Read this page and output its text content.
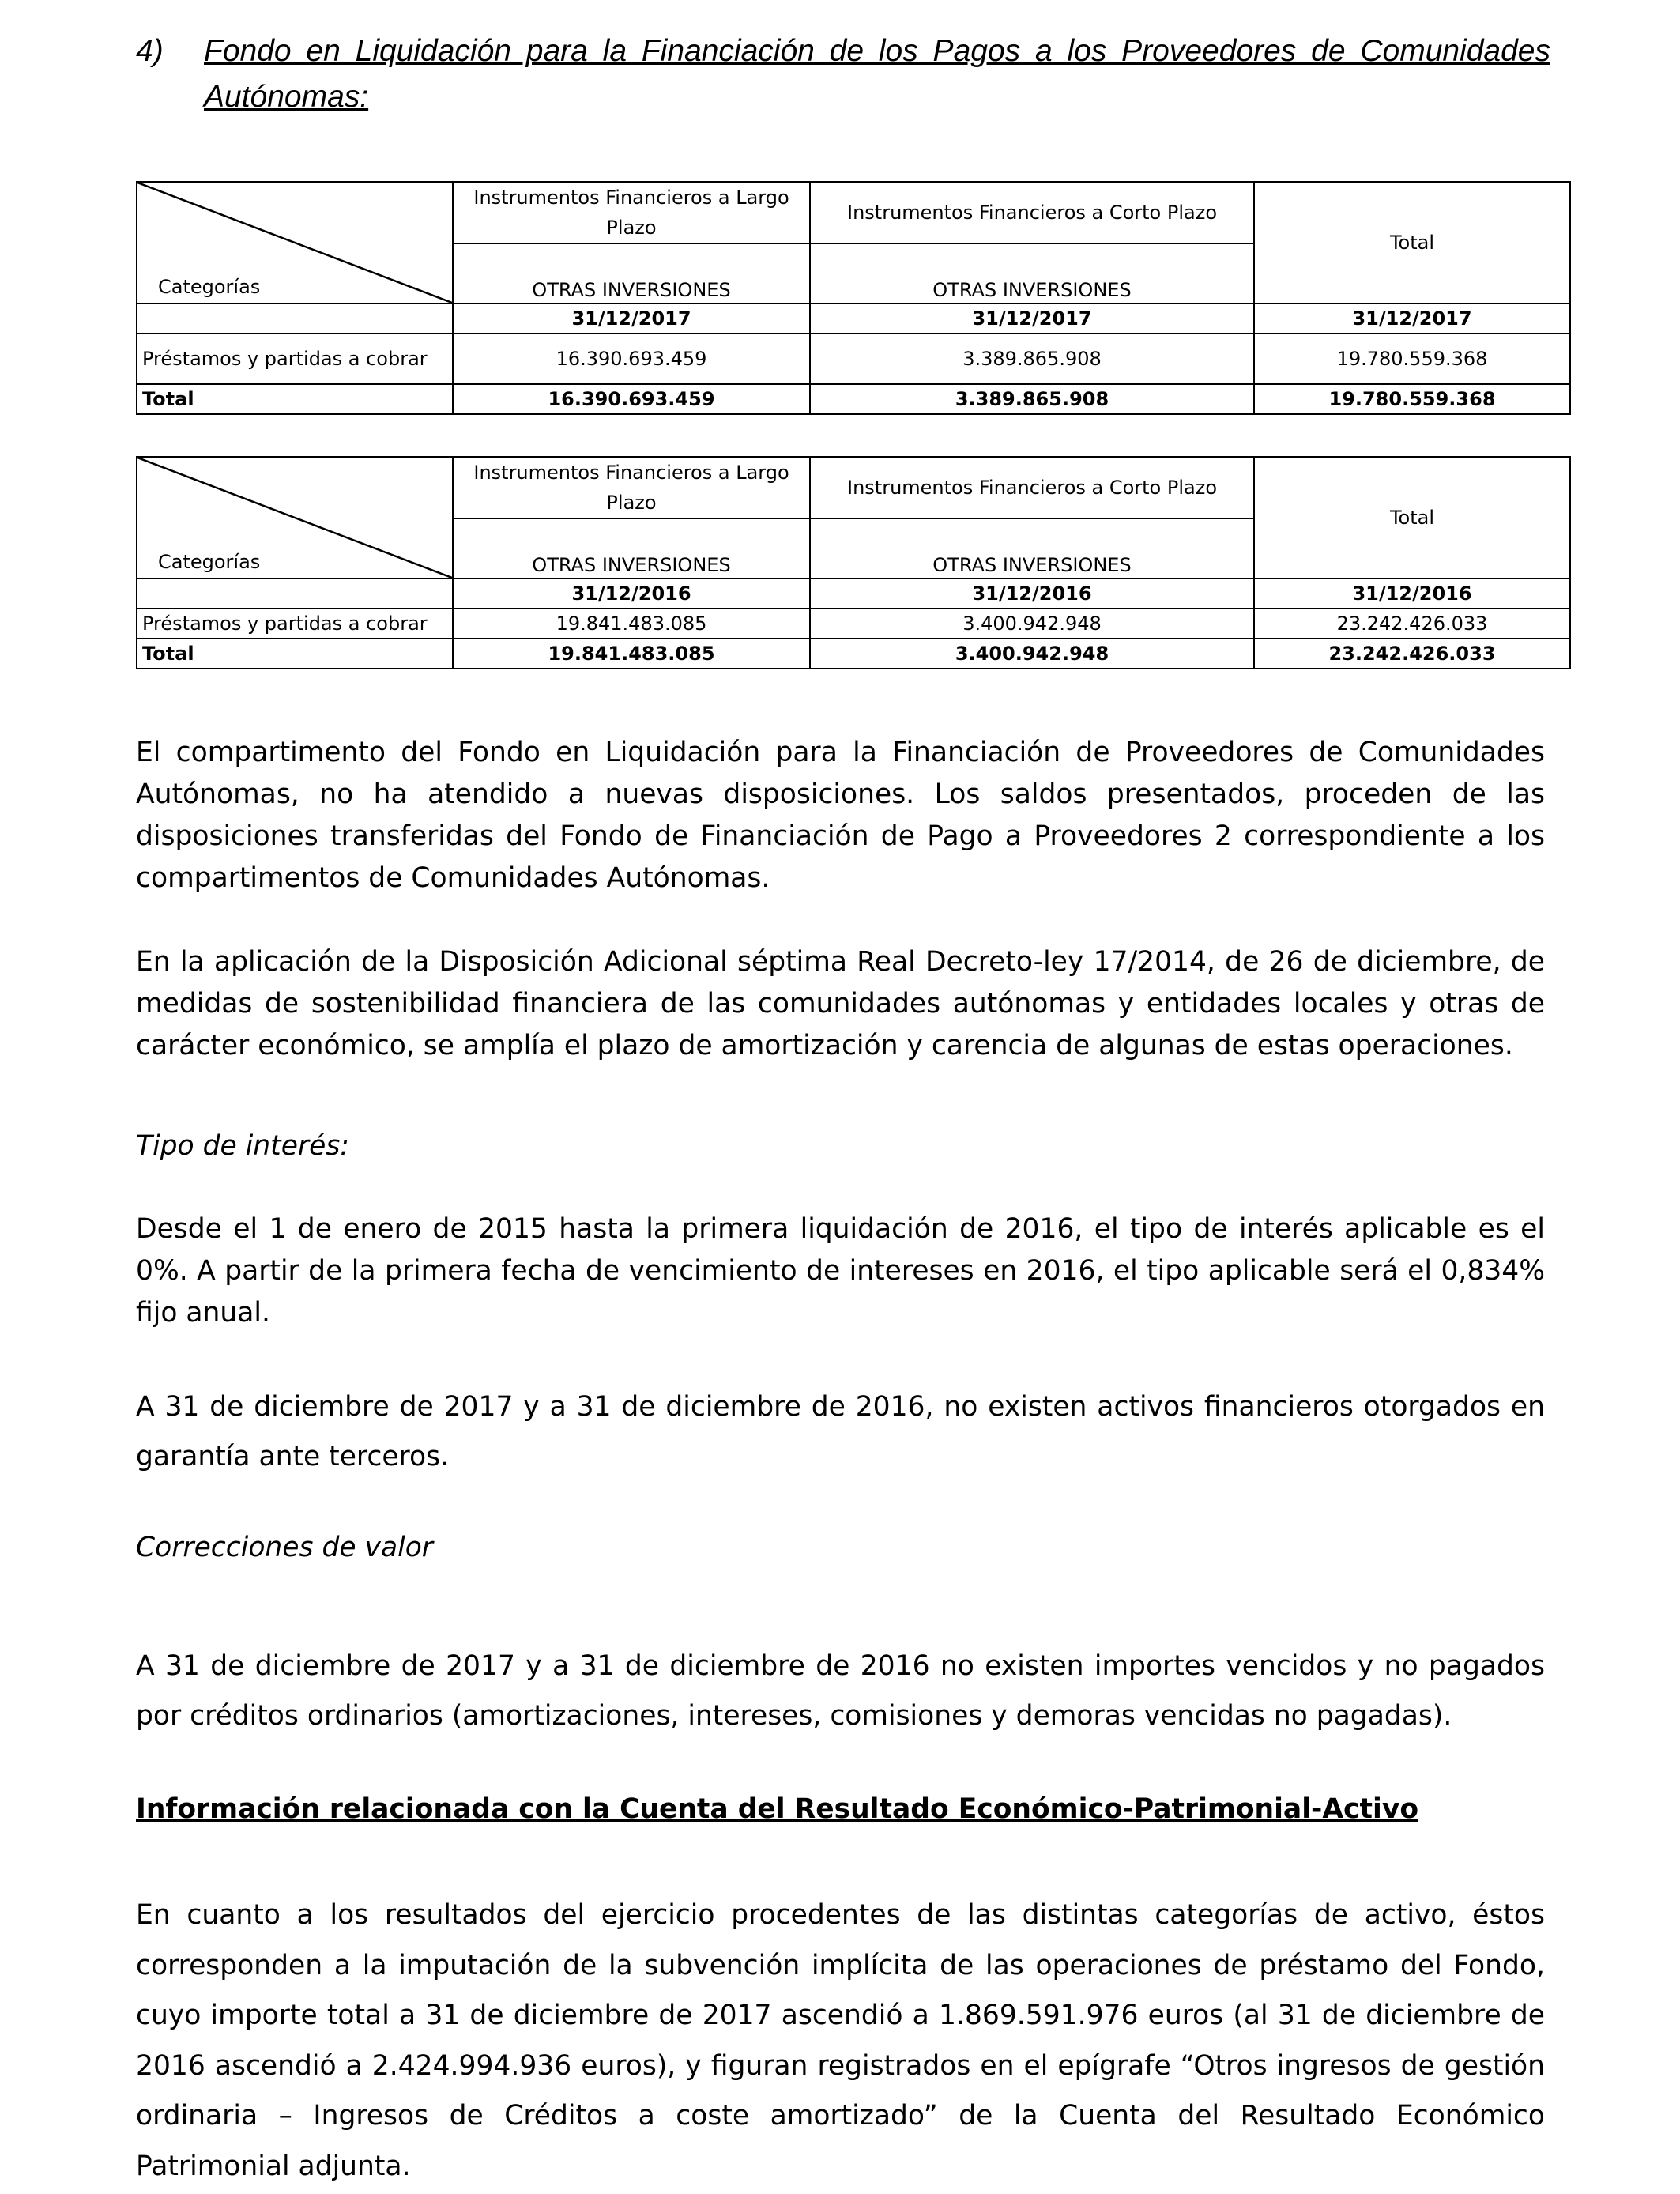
4) Fondo en Liquidación para la Financiación de los Pagos a los Proveedores de Comunidades Autónomas:
Categorías	Instrumentos Financieros a Largo Plazo	Instrumentos Financieros a Corto Plazo	Total
	OTRAS INVERSIONES	OTRAS INVERSIONES	
	31/12/2017	31/12/2017	31/12/2017
Préstamos y partidas a cobrar	16.390.693.459	3.389.865.908	19.780.559.368
Total	16.390.693.459	3.389.865.908	19.780.559.368
Categorías	Instrumentos Financieros a Largo Plazo	Instrumentos Financieros a Corto Plazo	Total
	OTRAS INVERSIONES	OTRAS INVERSIONES	
	31/12/2016	31/12/2016	31/12/2016
Préstamos y partidas a cobrar	19.841.483.085	3.400.942.948	23.242.426.033
Total	19.841.483.085	3.400.942.948	23.242.426.033

El compartimento del Fondo en Liquidación para la Financiación de Proveedores de Comunidades Autónomas, no ha atendido a nuevas disposiciones. Los saldos presentados, proceden de las disposiciones transferidas del Fondo de Financiación de Pago a Proveedores 2 correspondiente a los compartimentos de Comunidades Autónomas.

En la aplicación de la Disposición Adicional séptima Real Decreto-ley 17/2014, de 26 de diciembre, de medidas de sostenibilidad financiera de las comunidades autónomas y entidades locales y otras de carácter económico, se amplía el plazo de amortización y carencia de algunas de estas operaciones.

Tipo de interés:

Desde el 1 de enero de 2015 hasta la primera liquidación de 2016, el tipo de interés aplicable es el 0%. A partir de la primera fecha de vencimiento de intereses en 2016, el tipo aplicable será el 0,834% fijo anual.

A 31 de diciembre de 2017 y a 31 de diciembre de 2016, no existen activos financieros otorgados en garantía ante terceros.

Correcciones de valor

A 31 de diciembre de 2017 y a 31 de diciembre de 2016 no existen importes vencidos y no pagados por créditos ordinarios (amortizaciones, intereses, comisiones y demoras vencidas no pagadas).

Información relacionada con la Cuenta del Resultado Económico-Patrimonial-Activo

En cuanto a los resultados del ejercicio procedentes de las distintas categorías de activo, éstos corresponden a la imputación de la subvención implícita de las operaciones de préstamo del Fondo, cuyo importe total a 31 de diciembre de 2017 ascendió a 1.869.591.976 euros (al 31 de diciembre de 2016 ascendió a 2.424.994.936 euros), y figuran registrados en el epígrafe “Otros ingresos de gestión ordinaria – Ingresos de Créditos a coste amortizado” de la Cuenta del Resultado Económico Patrimonial adjunta.
